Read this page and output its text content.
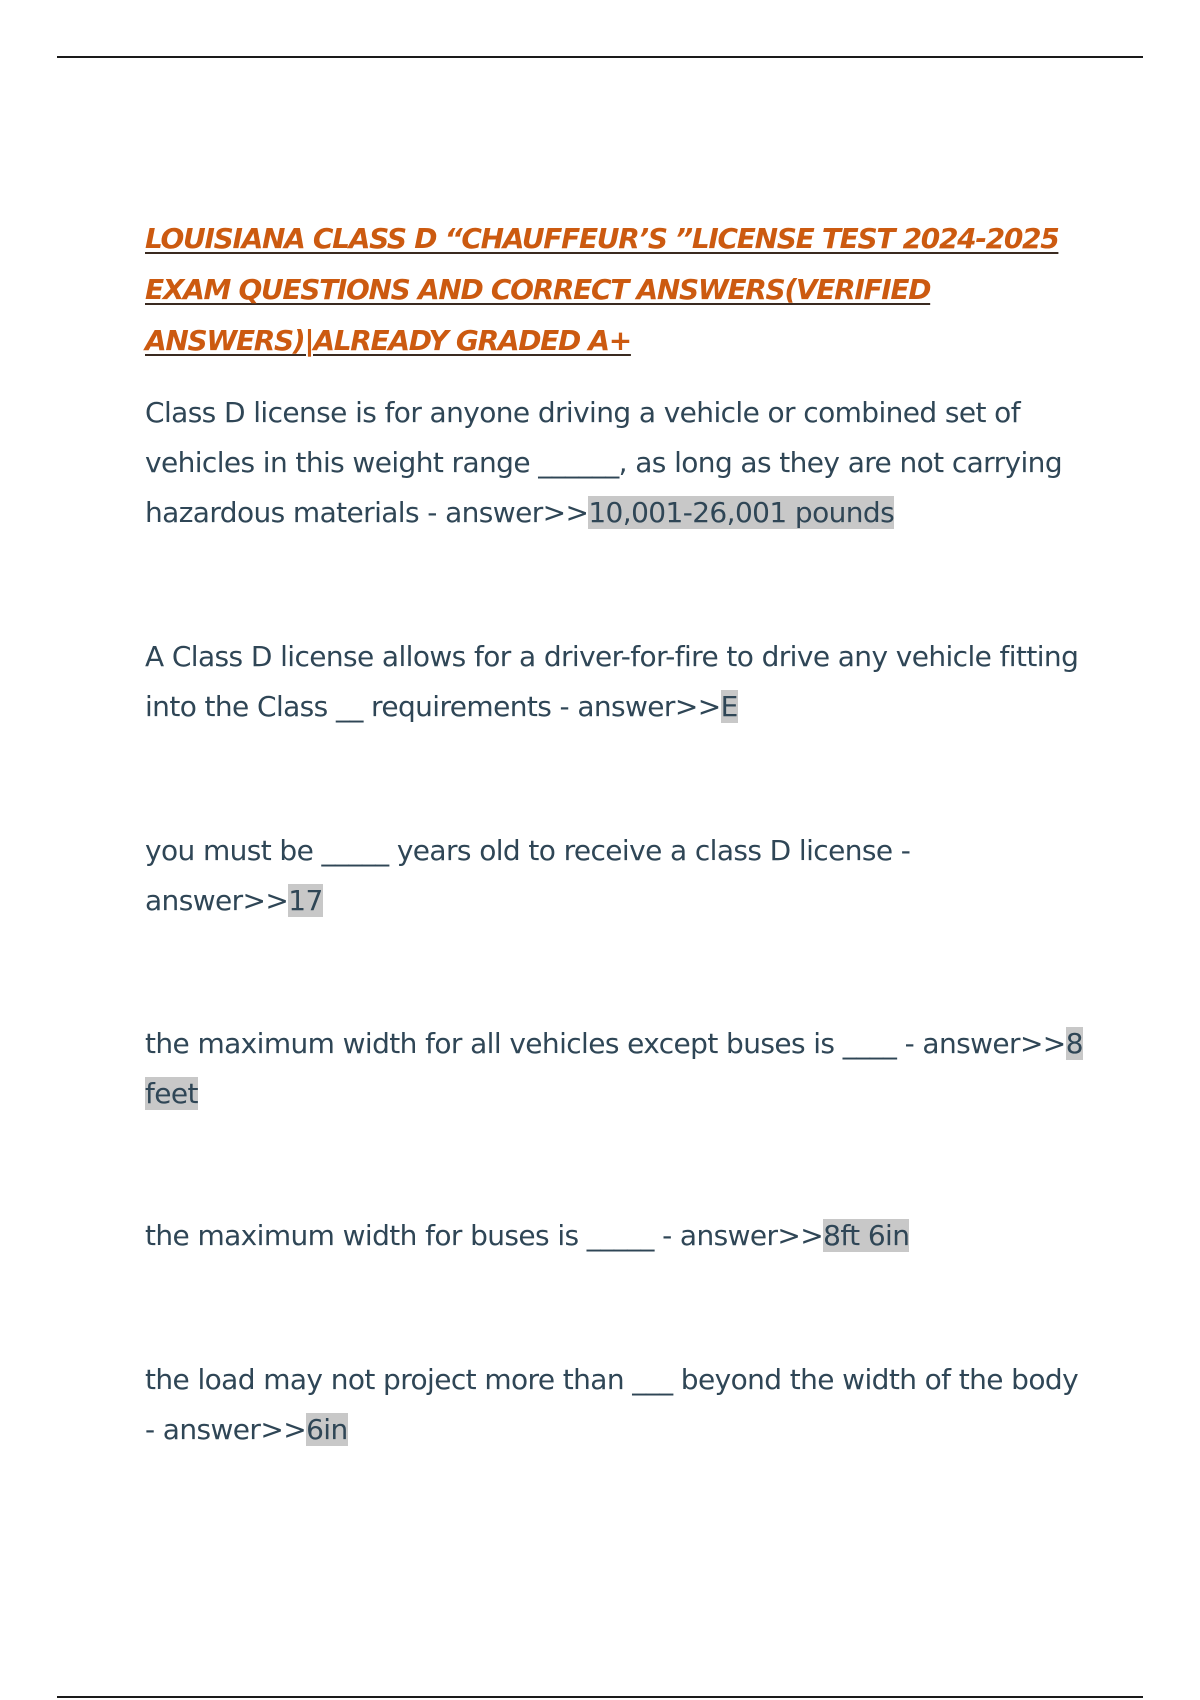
LOUISIANA CLASS D “CHAUFFEUR’S ”LICENSE TEST 2024-2025 EXAM QUESTIONS AND CORRECT ANSWERS(VERIFIED ANSWERS)|ALREADY GRADED A+

Class D license is for anyone driving a vehicle or combined set of vehicles in this weight range ______, as long as they are not carrying hazardous materials - answer>>10,001-26,001 pounds

A Class D license allows for a driver-for-fire to drive any vehicle fitting into the Class __ requirements - answer>>E

you must be _____ years old to receive a class D license - answer>>17

the maximum width for all vehicles except buses is ____ - answer>>8 feet

the maximum width for buses is _____ - answer>>8ft 6in

the load may not project more than ___ beyond the width of the body - answer>>6in
